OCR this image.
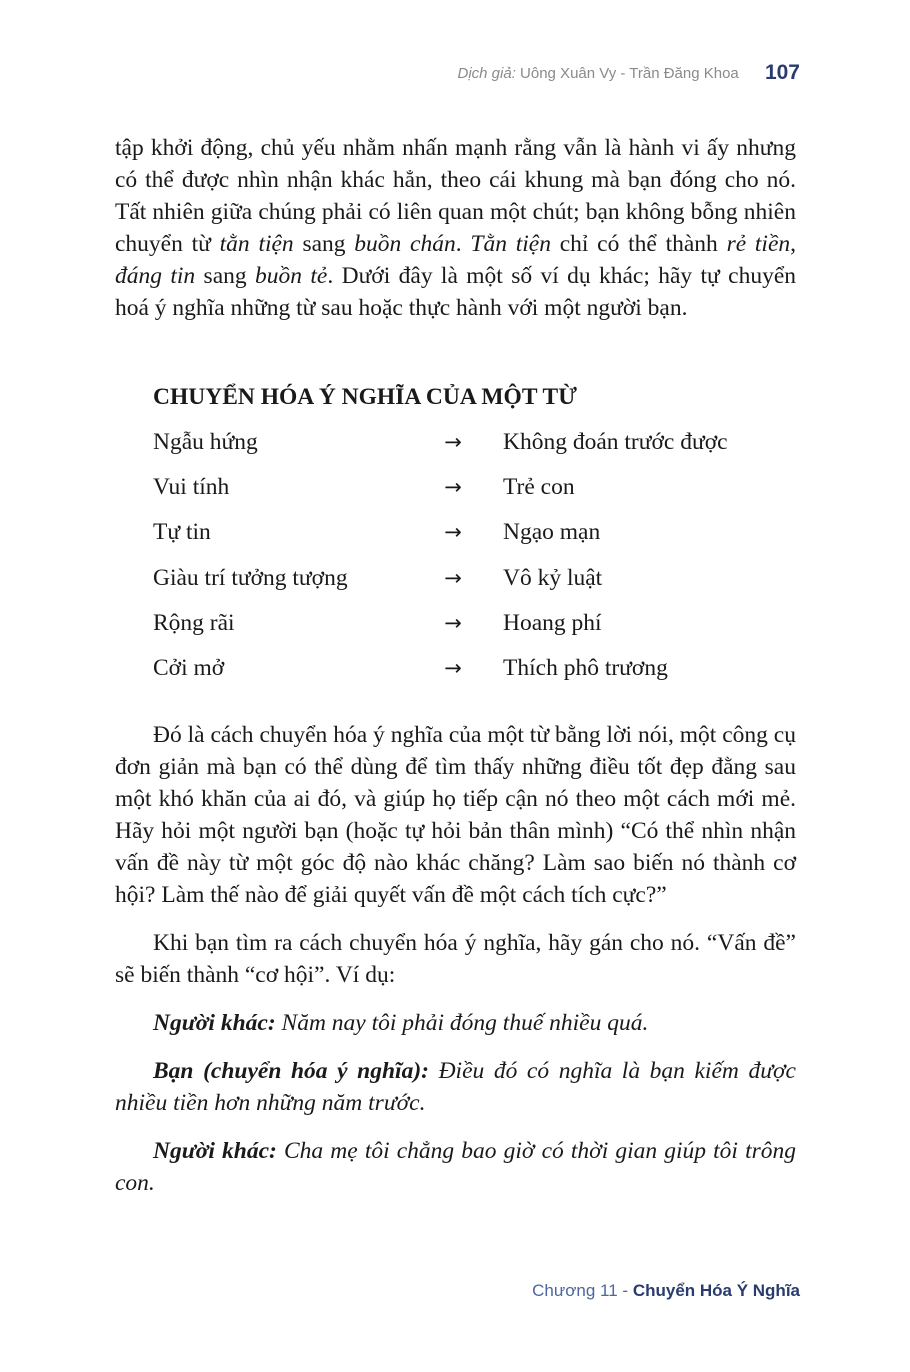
Dịch giả: Uông Xuân Vy - Trần Đăng Khoa 107

tập khởi động, chủ yếu nhằm nhấn mạnh rằng vẫn là hành vi ấy nhưng có thể được nhìn nhận khác hẳn, theo cái khung mà bạn đóng cho nó. Tất nhiên giữa chúng phải có liên quan một chút; bạn không bỗng nhiên chuyển từ tằn tiện sang buồn chán. Tằn tiện chỉ có thể thành rẻ tiền, đáng tin sang buồn tẻ. Dưới đây là một số ví dụ khác; hãy tự chuyển hoá ý nghĩa những từ sau hoặc thực hành với một người bạn.

CHUYỂN HÓA Ý NGHĨA CỦA MỘT TỪ
Ngẫu hứng	→	Không đoán trước được
Vui tính	→	Trẻ con
Tự tin	→	Ngạo mạn
Giàu trí tưởng tượng	→	Vô kỷ luật
Rộng rãi	→	Hoang phí
Cởi mở	→	Thích phô trương

Đó là cách chuyển hóa ý nghĩa của một từ bằng lời nói, một công cụ đơn giản mà bạn có thể dùng để tìm thấy những điều tốt đẹp đằng sau một khó khăn của ai đó, và giúp họ tiếp cận nó theo một cách mới mẻ. Hãy hỏi một người bạn (hoặc tự hỏi bản thân mình) “Có thể nhìn nhận vấn đề này từ một góc độ nào khác chăng? Làm sao biến nó thành cơ hội? Làm thế nào để giải quyết vấn đề một cách tích cực?”

Khi bạn tìm ra cách chuyển hóa ý nghĩa, hãy gán cho nó. “Vấn đề” sẽ biến thành “cơ hội”. Ví dụ:

Người khác: Năm nay tôi phải đóng thuế nhiều quá.

Bạn (chuyển hóa ý nghĩa): Điều đó có nghĩa là bạn kiếm được nhiều tiền hơn những năm trước.

Người khác: Cha mẹ tôi chẳng bao giờ có thời gian giúp tôi trông con.

Chương 11 - Chuyển Hóa Ý Nghĩa
